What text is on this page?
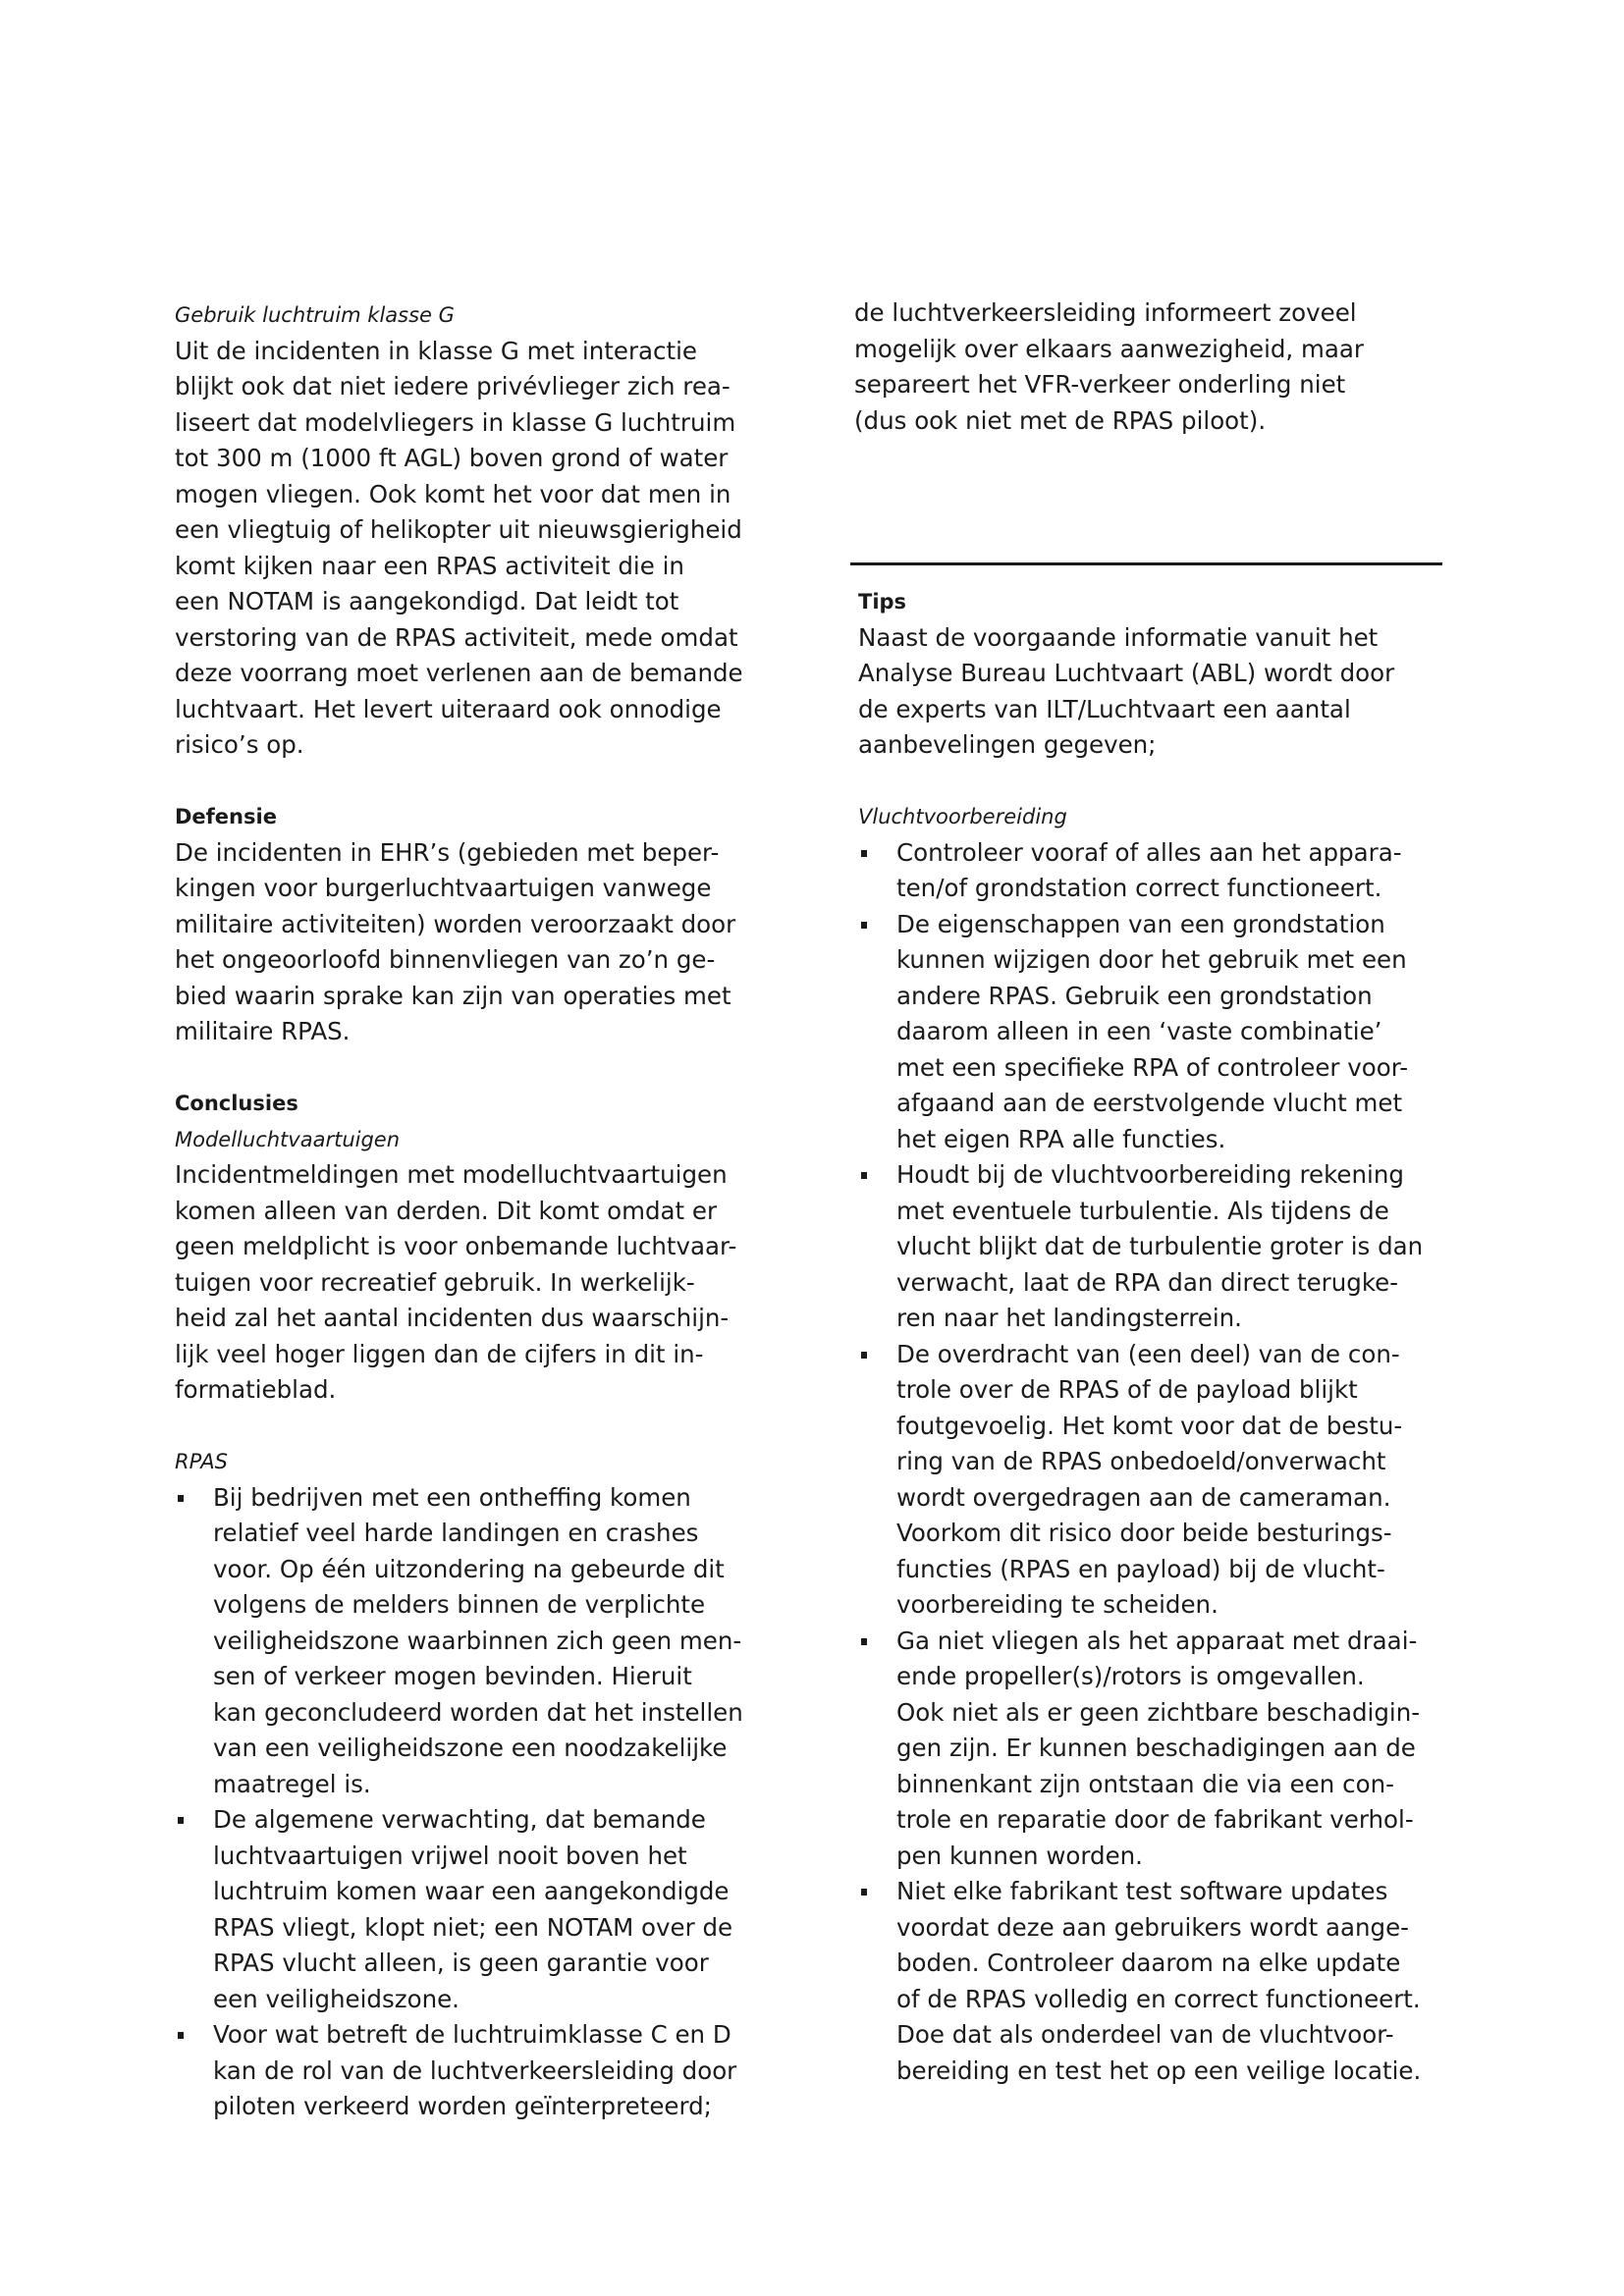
Gebruik luchtruim klasse G

Uit de incidenten in klasse G met interactie

blijkt ook dat niet iedere privévlieger zich rea-

liseert dat modelvliegers in klasse G luchtruim

tot 300 m (1000 ft AGL) boven grond of water

mogen vliegen. Ook komt het voor dat men in

een vliegtuig of helikopter uit nieuwsgierigheid

komt kijken naar een RPAS activiteit die in

een NOTAM is aangekondigd. Dat leidt tot

verstoring van de RPAS activiteit, mede omdat

deze voorrang moet verlenen aan de bemande

luchtvaart. Het levert uiteraard ook onnodige

risico’s op.

Defensie

De incidenten in EHR’s (gebieden met beper-

kingen voor burgerluchtvaartuigen vanwege

militaire activiteiten) worden veroorzaakt door

het ongeoorloofd binnenvliegen van zo’n ge-

bied waarin sprake kan zijn van operaties met

militaire RPAS.

Conclusies

Modelluchtvaartuigen

Incidentmeldingen met modelluchtvaartuigen

komen alleen van derden. Dit komt omdat er

geen meldplicht is voor onbemande luchtvaar-

tuigen voor recreatief gebruik. In werkelijk-

heid zal het aantal incidenten dus waarschijn-

lijk veel hoger liggen dan de cijfers in dit in-

formatieblad.

RPAS

Bij bedrijven met een ontheffing komen
relatief veel harde landingen en crashes
voor. Op één uitzondering na gebeurde dit
volgens de melders binnen de verplichte
veiligheidszone waarbinnen zich geen men-
sen of verkeer mogen bevinden. Hieruit
kan geconcludeerd worden dat het instellen
van een veiligheidszone een noodzakelijke
maatregel is.
De algemene verwachting, dat bemande
luchtvaartuigen vrijwel nooit boven het
luchtruim komen waar een aangekondigde
RPAS vliegt, klopt niet; een NOTAM over de
RPAS vlucht alleen, is geen garantie voor
een veiligheidszone.
Voor wat betreft de luchtruimklasse C en D
kan de rol van de luchtverkeersleiding door
piloten verkeerd worden geïnterpreteerd;

de luchtverkeersleiding informeert zoveel

mogelijk over elkaars aanwezigheid, maar

separeert het VFR-verkeer onderling niet

(dus ook niet met de RPAS piloot).

Tips

Naast de voorgaande informatie vanuit het

Analyse Bureau Luchtvaart (ABL) wordt door

de experts van ILT/Luchtvaart een aantal

aanbevelingen gegeven;

Vluchtvoorbereiding

Controleer vooraf of alles aan het appara-
ten/of grondstation correct functioneert.
De eigenschappen van een grondstation
kunnen wijzigen door het gebruik met een
andere RPAS. Gebruik een grondstation
daarom alleen in een ‘vaste combinatie’
met een specifieke RPA of controleer voor-
afgaand aan de eerstvolgende vlucht met
het eigen RPA alle functies.
Houdt bij de vluchtvoorbereiding rekening
met eventuele turbulentie. Als tijdens de
vlucht blijkt dat de turbulentie groter is dan
verwacht, laat de RPA dan direct terugke-
ren naar het landingsterrein.
De overdracht van (een deel) van de con-
trole over de RPAS of de payload blijkt
foutgevoelig. Het komt voor dat de bestu-
ring van de RPAS onbedoeld/onverwacht
wordt overgedragen aan de cameraman.
Voorkom dit risico door beide besturings-
functies (RPAS en payload) bij de vlucht-
voorbereiding te scheiden.
Ga niet vliegen als het apparaat met draai-
ende propeller(s)/rotors is omgevallen.
Ook niet als er geen zichtbare beschadigin-
gen zijn. Er kunnen beschadigingen aan de
binnenkant zijn ontstaan die via een con-
trole en reparatie door de fabrikant verhol-
pen kunnen worden.
Niet elke fabrikant test software updates
voordat deze aan gebruikers wordt aange-
boden. Controleer daarom na elke update
of de RPAS volledig en correct functioneert.
Doe dat als onderdeel van de vluchtvoor-
bereiding en test het op een veilige locatie.
